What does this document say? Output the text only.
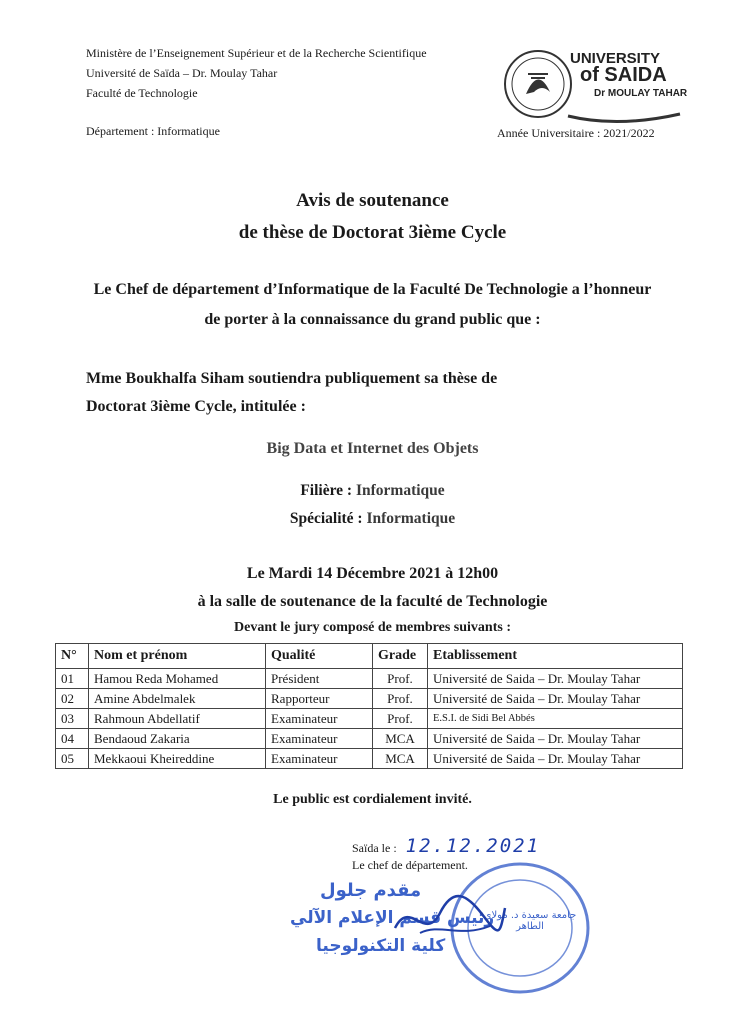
Ministère de l’Enseignement Supérieur et de la Recherche Scientifique
Université de Saïda – Dr. Moulay Tahar
Faculté de Technologie
Département : Informatique
UNIVERSITY
of SAIDA
Dr MOULAY TAHAR
Année Universitaire : 2021/2022
Avis de soutenance
de thèse de Doctorat 3ième Cycle
Le Chef de département d’Informatique de la Faculté De Technologie a l’honneur de porter à la connaissance du grand public que :
Mme Boukhalfa Siham soutiendra publiquement sa thèse de
Doctorat 3ième Cycle, intitulée :
Big Data et Internet des Objets
Filière : Informatique
Spécialité : Informatique
Le Mardi 14 Décembre 2021 à 12h00
à la salle de soutenance de la faculté de Technologie
Devant le jury composé de membres suivants :
N°	Nom et prénom	Qualité	Grade	Etablissement
01	Hamou Reda Mohamed	Président	Prof.	Université de Saida – Dr. Moulay Tahar
02	Amine Abdelmalek	Rapporteur	Prof.	Université de Saida – Dr. Moulay Tahar
03	Rahmoun Abdellatif	Examinateur	Prof.	E.S.I. de Sidi Bel Abbés
04	Bendaoud Zakaria	Examinateur	MCA	Université de Saida – Dr. Moulay Tahar
05	Mekkaoui Kheireddine	Examinateur	MCA	Université de Saida – Dr. Moulay Tahar
Le public est cordialement invité.
Saïda le : 12.12.2021
Le chef de département.
جامعة سعيدة د. مولاي الطاهر
مقدم جلول
رئيس قسم الإعلام الآلي
كلية التكنولوجيا
